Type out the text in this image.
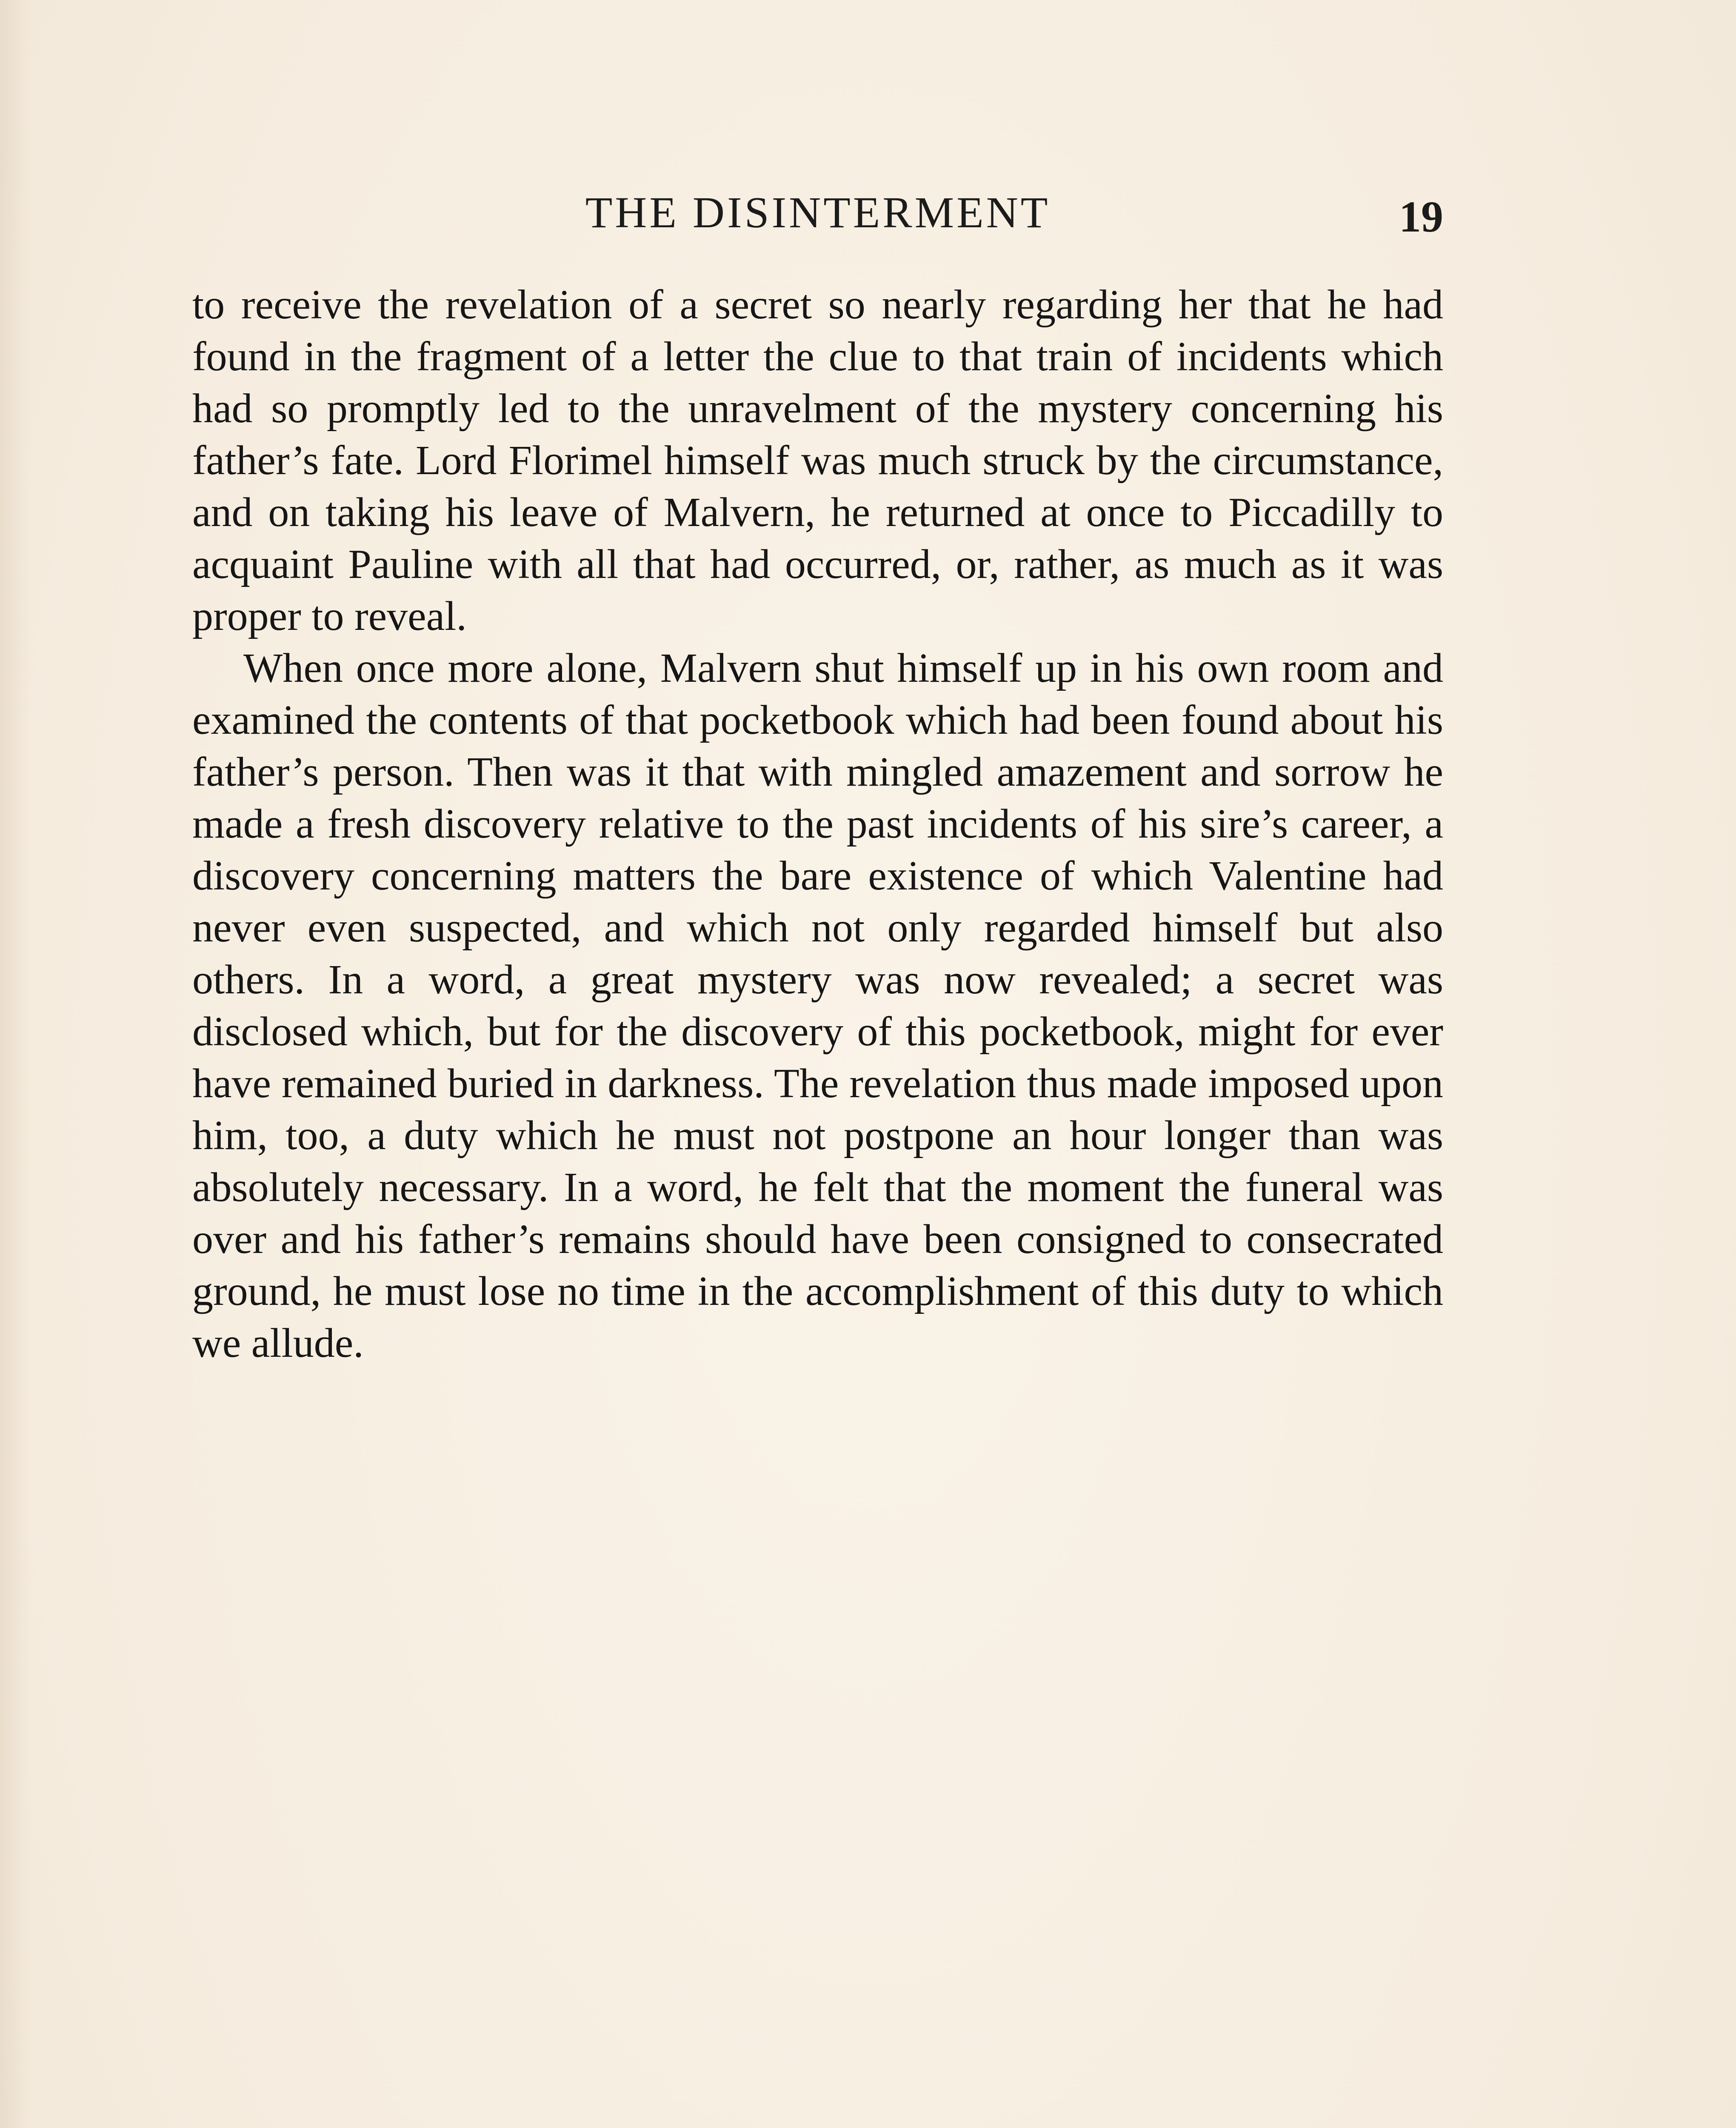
THE DISINTERMENT	19

to receive the revelation of a secret so nearly regarding her that he had found in the fragment of a letter the clue to that train of incidents which had so promptly led to the unravelment of the mystery concerning his father’s fate. Lord Florimel himself was much struck by the circumstance, and on taking his leave of Malvern, he returned at once to Piccadilly to acquaint Pauline with all that had occurred, or, rather, as much as it was proper to reveal.

When once more alone, Malvern shut himself up in his own room and examined the contents of that pocketbook which had been found about his father’s person. Then was it that with mingled amazement and sorrow he made a fresh discovery relative to the past incidents of his sire’s career, a discovery concerning matters the bare existence of which Valentine had never even suspected, and which not only regarded himself but also others. In a word, a great mystery was now revealed; a secret was disclosed which, but for the discovery of this pocketbook, might for ever have remained buried in darkness. The revelation thus made imposed upon him, too, a duty which he must not postpone an hour longer than was absolutely necessary. In a word, he felt that the moment the funeral was over and his father’s remains should have been consigned to consecrated ground, he must lose no time in the accomplishment of this duty to which we allude.
